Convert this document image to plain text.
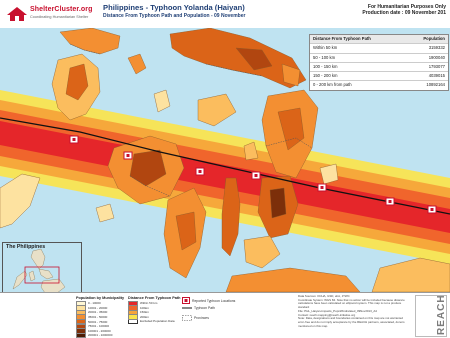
ShelterCluster.org
Coordinating Humanitarian Shelter
Philippines - Typhoon Yolanda (Haiyan)
Distance From Typhoon Path and Population - 09 November
For Humanitarian Purposes Only
Production date : 09 November 201
Distance From Typhoon Path	Population
Within 50 km	3159332
50 - 100 km	1900040
100 - 150 km	1793077
150 - 200 km	4039015
0 - 200 km from path	10892164
The Philippines
Population by Municipality
0 - 10000
10001 - 20000
20001 - 35000
35001 - 50000
50001 - 75000
75001 - 100000
100001 - 200000
200001 - 1000000
Excluded Population Data
Distance From Typhoon Path
Within 50 km
100km
150km
200km
Reported Typhoon Locations
Typhoon Path
Provinces
Data Sources: OCHA, GSD, ebA, JTWC
Coordinate System: WGS 84. Note that no action will be included because distance
calculations have been calculated on ellipsoid system. This map is not a produce
standard
File: PHL_Haiyan-Impacts_PopnWindrelated_09Nov2013_A4
Contact: reach.mapping@reach-initiative.org
Note: Data, designations and boundaries contained on this map are not warranted
error-free and do not imply acceptance by the REACH partners, associated, donors
mentioned on this map.	REACH
